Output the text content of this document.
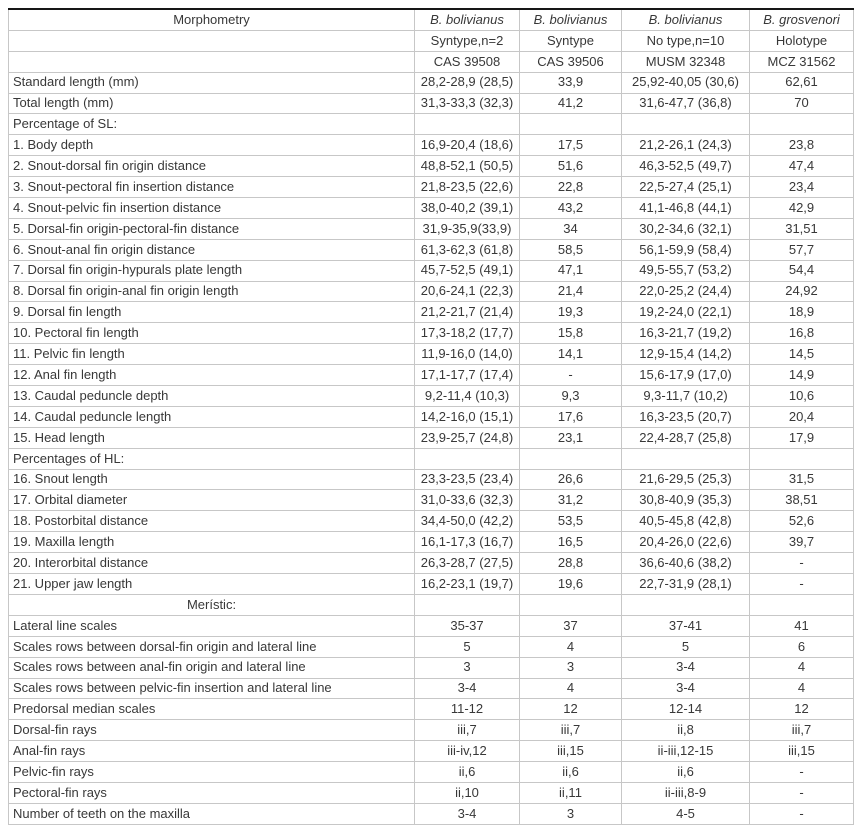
Morphometry	B. bolivianus	B. bolivianus	B. bolivianus	B. grosvenori
	Syntype,n=2	Syntype	No type,n=10	Holotype
	CAS 39508	CAS 39506	MUSM 32348	MCZ 31562
Standard length (mm)	28,2-28,9 (28,5)	33,9	25,92-40,05 (30,6)	62,61
Total length (mm)	31,3-33,3 (32,3)	41,2	31,6-47,7 (36,8)	70
Percentage of SL:				
1. Body depth	16,9-20,4 (18,6)	17,5	21,2-26,1 (24,3)	23,8
2. Snout-dorsal fin origin distance	48,8-52,1 (50,5)	51,6	46,3-52,5 (49,7)	47,4
3. Snout-pectoral fin insertion distance	21,8-23,5 (22,6)	22,8	22,5-27,4 (25,1)	23,4
4. Snout-pelvic fin insertion distance	38,0-40,2 (39,1)	43,2	41,1-46,8 (44,1)	42,9
5. Dorsal-fin origin-pectoral-fin distance	31,9-35,9(33,9)	34	30,2-34,6 (32,1)	31,51
6. Snout-anal fin origin distance	61,3-62,3 (61,8)	58,5	56,1-59,9 (58,4)	57,7
7. Dorsal fin origin-hypurals plate length	45,7-52,5 (49,1)	47,1	49,5-55,7 (53,2)	54,4
8. Dorsal fin origin-anal fin origin length	20,6-24,1 (22,3)	21,4	22,0-25,2 (24,4)	24,92
9. Dorsal fin length	21,2-21,7 (21,4)	19,3	19,2-24,0 (22,1)	18,9
10. Pectoral fin length	17,3-18,2 (17,7)	15,8	16,3-21,7 (19,2)	16,8
11. Pelvic fin length	11,9-16,0 (14,0)	14,1	12,9-15,4 (14,2)	14,5
12. Anal fin length	17,1-17,7 (17,4)	-	15,6-17,9 (17,0)	14,9
13. Caudal peduncle depth	9,2-11,4 (10,3)	9,3	9,3-11,7 (10,2)	10,6
14. Caudal peduncle length	14,2-16,0 (15,1)	17,6	16,3-23,5 (20,7)	20,4
15. Head length	23,9-25,7 (24,8)	23,1	22,4-28,7 (25,8)	17,9
Percentages of HL:				
16. Snout length	23,3-23,5 (23,4)	26,6	21,6-29,5 (25,3)	31,5
17. Orbital diameter	31,0-33,6 (32,3)	31,2	30,8-40,9 (35,3)	38,51
18. Postorbital distance	34,4-50,0 (42,2)	53,5	40,5-45,8 (42,8)	52,6
19. Maxilla length	16,1-17,3 (16,7)	16,5	20,4-26,0 (22,6)	39,7
20. Interorbital distance	26,3-28,7 (27,5)	28,8	36,6-40,6 (38,2)	-
21. Upper jaw length	16,2-23,1 (19,7)	19,6	22,7-31,9 (28,1)	-
Merístic:				
Lateral line scales	35-37	37	37-41	41
Scales rows between dorsal-fin origin and lateral line	5	4	5	6
Scales rows between anal-fin origin and lateral line	3	3	3-4	4
Scales rows between pelvic-fin insertion and lateral line	3-4	4	3-4	4
Predorsal median scales	11-12	12	12-14	12
Dorsal-fin rays	iii,7	iii,7	ii,8	iii,7
Anal-fin rays	iii-iv,12	iii,15	ii-iii,12-15	iii,15
Pelvic-fin rays	ii,6	ii,6	ii,6	-
Pectoral-fin rays	ii,10	ii,11	ii-iii,8-9	-
Number of teeth on the maxilla	3-4	3	4-5	-
